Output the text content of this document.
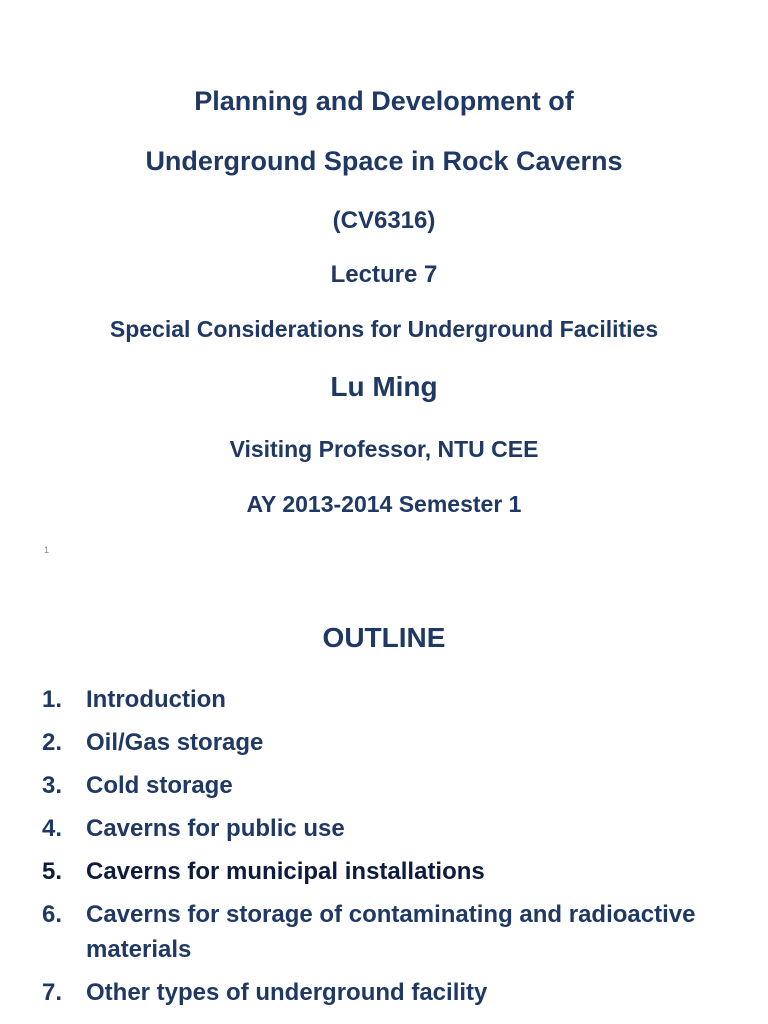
Planning and Development of
Underground Space in Rock Caverns
(CV6316)
Lecture 7
Special Considerations for Underground Facilities
Lu Ming
Visiting Professor, NTU CEE
AY 2013-2014 Semester 1
1
OUTLINE
1. Introduction
2. Oil/Gas storage
3. Cold storage
4. Caverns for public use
5. Caverns for municipal installations
6. Caverns for storage of contaminating and radioactive materials
7. Other types of underground facility
